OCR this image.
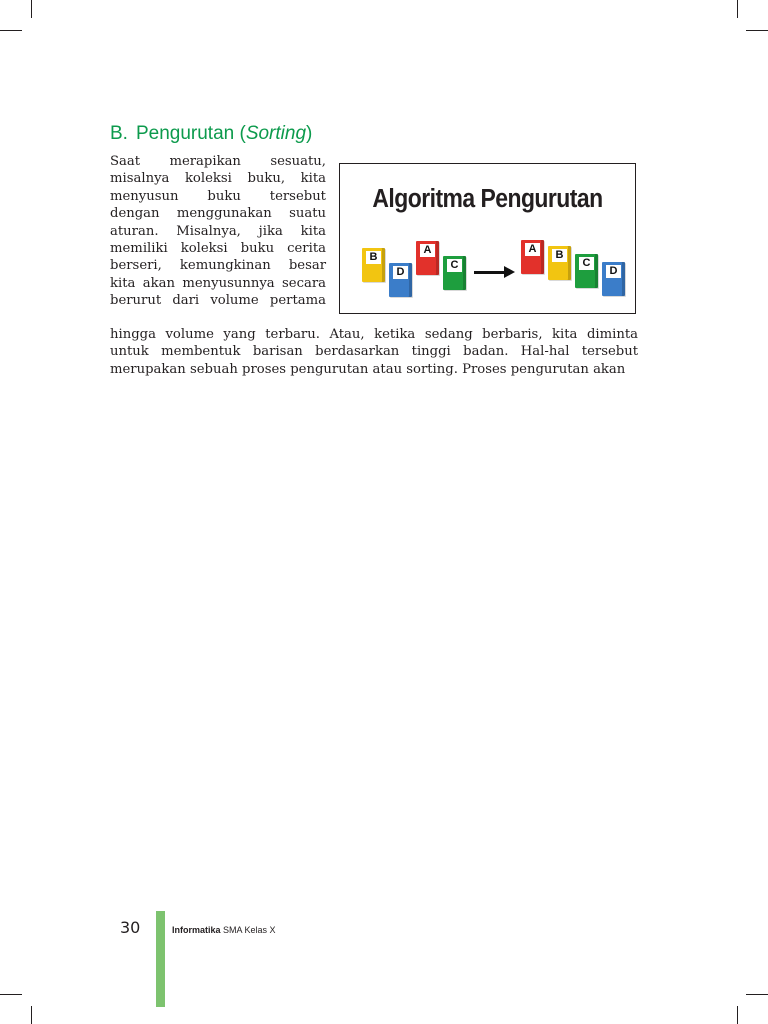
B. Pengurutan (Sorting)

Saat merapikan sesuatu,
misalnya koleksi buku, kita
menyusun buku tersebut
dengan menggunakan suatu
aturan. Misalnya, jika kita
memiliki koleksi buku cerita
berseri, kemungkinan besar
kita akan menyusunnya secara
berurut dari volume pertama

hingga volume yang terbaru. Atau, ketika sedang berbaris, kita diminta
untuk membentuk barisan berdasarkan tinggi badan. Hal-hal tersebut
merupakan sebuah proses pengurutan atau sorting. Proses pengurutan akan

Algoritma Pengurutan
B
D
A
C
A	B
C
D
30	Informatika SMA Kelas X
